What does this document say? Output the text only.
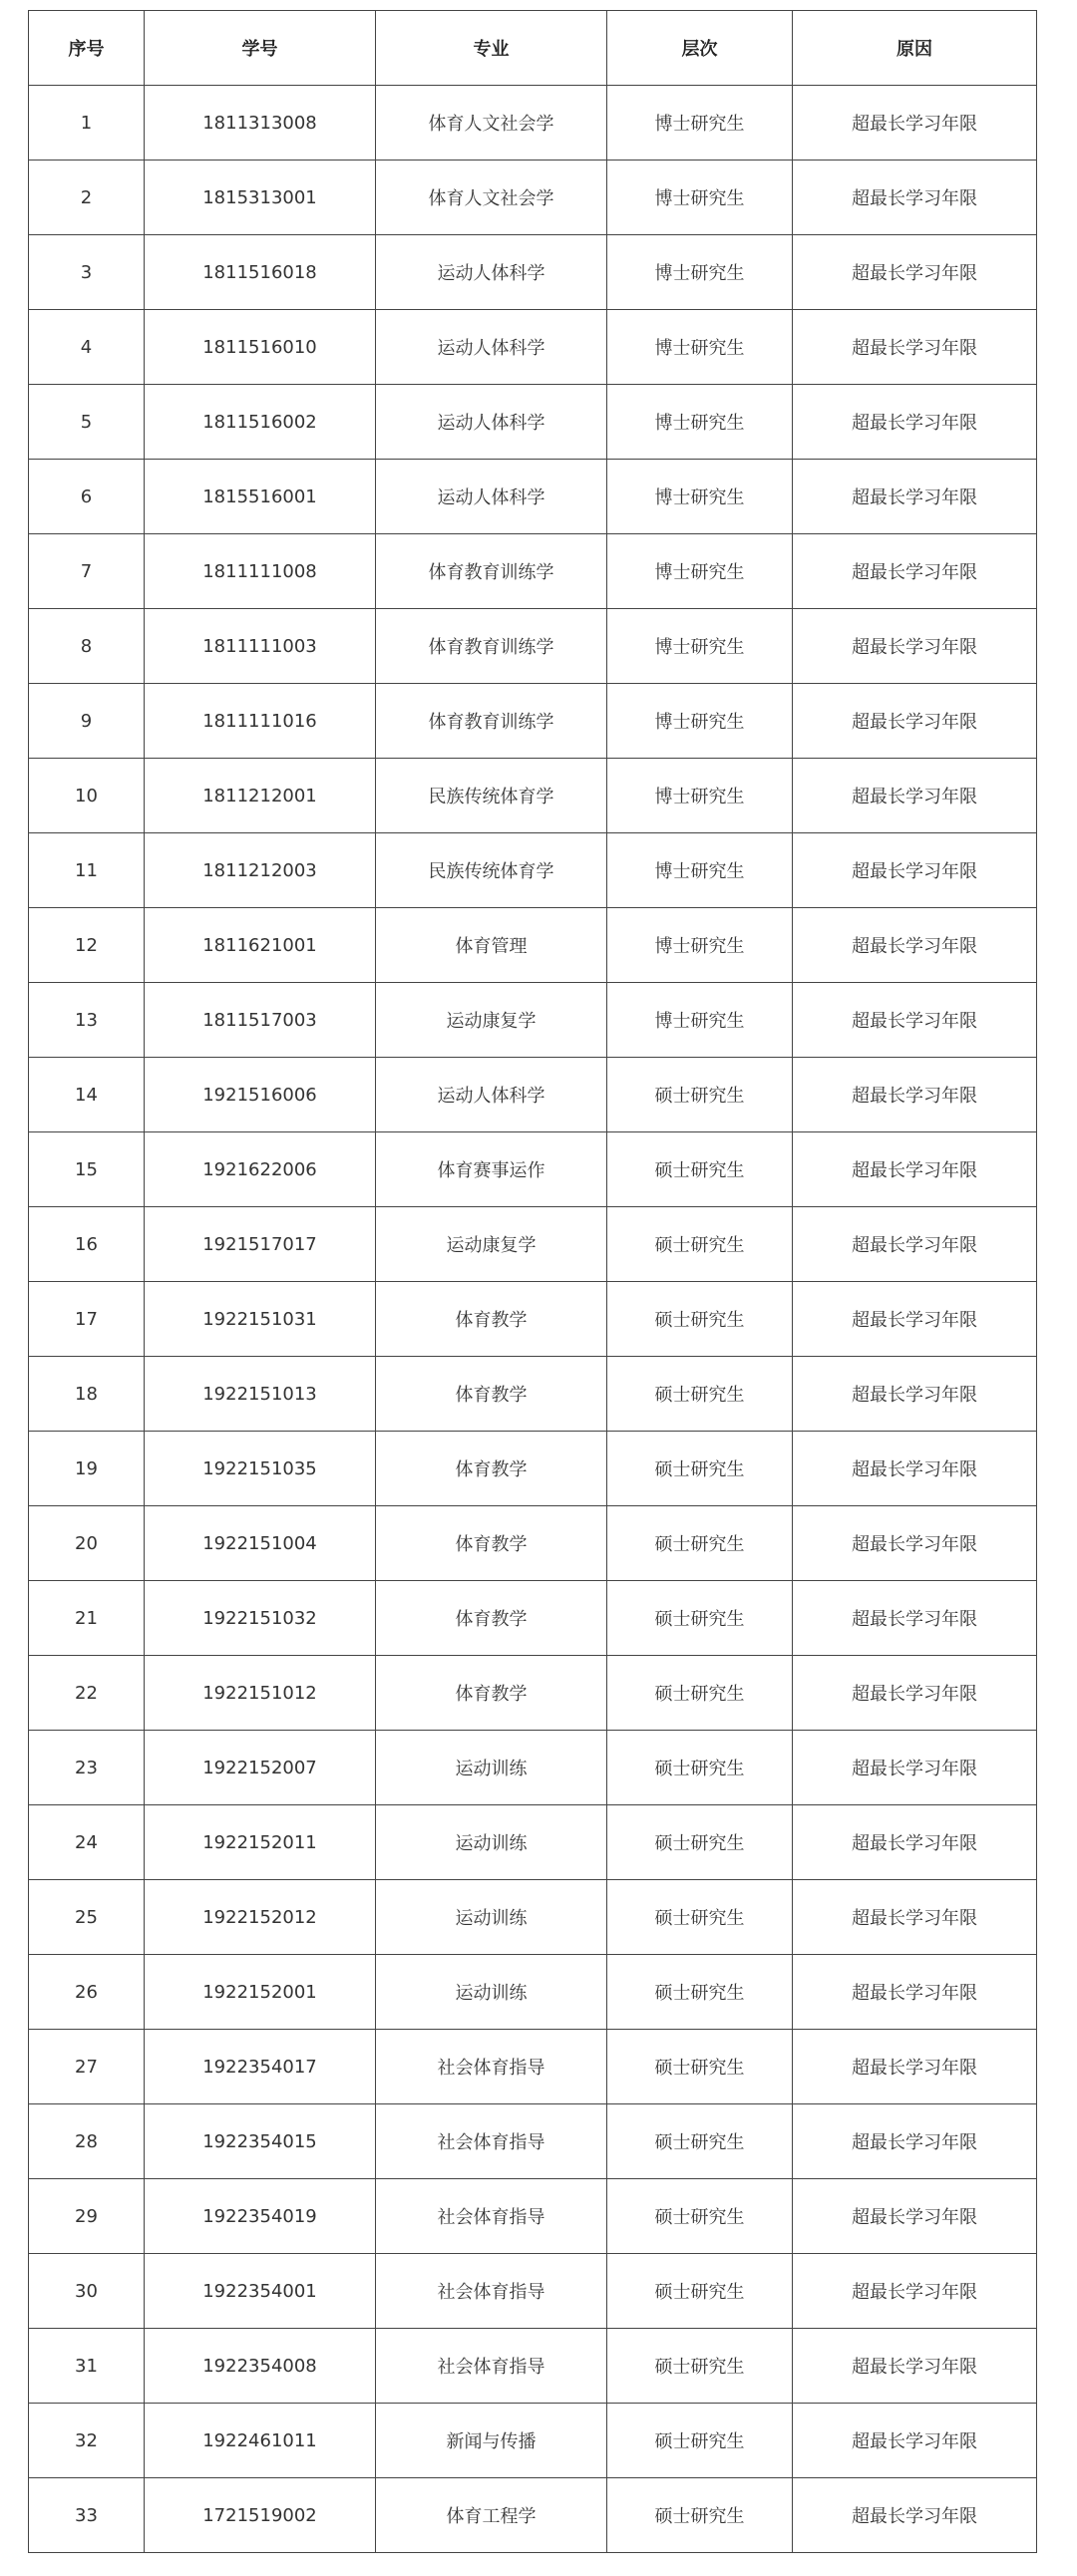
序号	学号	专业	层次	原因
1	1811313008	体育人文社会学	博士研究生	超最长学习年限
2	1815313001	体育人文社会学	博士研究生	超最长学习年限
3	1811516018	运动人体科学	博士研究生	超最长学习年限
4	1811516010	运动人体科学	博士研究生	超最长学习年限
5	1811516002	运动人体科学	博士研究生	超最长学习年限
6	1815516001	运动人体科学	博士研究生	超最长学习年限
7	1811111008	体育教育训练学	博士研究生	超最长学习年限
8	1811111003	体育教育训练学	博士研究生	超最长学习年限
9	1811111016	体育教育训练学	博士研究生	超最长学习年限
10	1811212001	民族传统体育学	博士研究生	超最长学习年限
11	1811212003	民族传统体育学	博士研究生	超最长学习年限
12	1811621001	体育管理	博士研究生	超最长学习年限
13	1811517003	运动康复学	博士研究生	超最长学习年限
14	1921516006	运动人体科学	硕士研究生	超最长学习年限
15	1921622006	体育赛事运作	硕士研究生	超最长学习年限
16	1921517017	运动康复学	硕士研究生	超最长学习年限
17	1922151031	体育教学	硕士研究生	超最长学习年限
18	1922151013	体育教学	硕士研究生	超最长学习年限
19	1922151035	体育教学	硕士研究生	超最长学习年限
20	1922151004	体育教学	硕士研究生	超最长学习年限
21	1922151032	体育教学	硕士研究生	超最长学习年限
22	1922151012	体育教学	硕士研究生	超最长学习年限
23	1922152007	运动训练	硕士研究生	超最长学习年限
24	1922152011	运动训练	硕士研究生	超最长学习年限
25	1922152012	运动训练	硕士研究生	超最长学习年限
26	1922152001	运动训练	硕士研究生	超最长学习年限
27	1922354017	社会体育指导	硕士研究生	超最长学习年限
28	1922354015	社会体育指导	硕士研究生	超最长学习年限
29	1922354019	社会体育指导	硕士研究生	超最长学习年限
30	1922354001	社会体育指导	硕士研究生	超最长学习年限
31	1922354008	社会体育指导	硕士研究生	超最长学习年限
32	1922461011	新闻与传播	硕士研究生	超最长学习年限
33	1721519002	体育工程学	硕士研究生	超最长学习年限
